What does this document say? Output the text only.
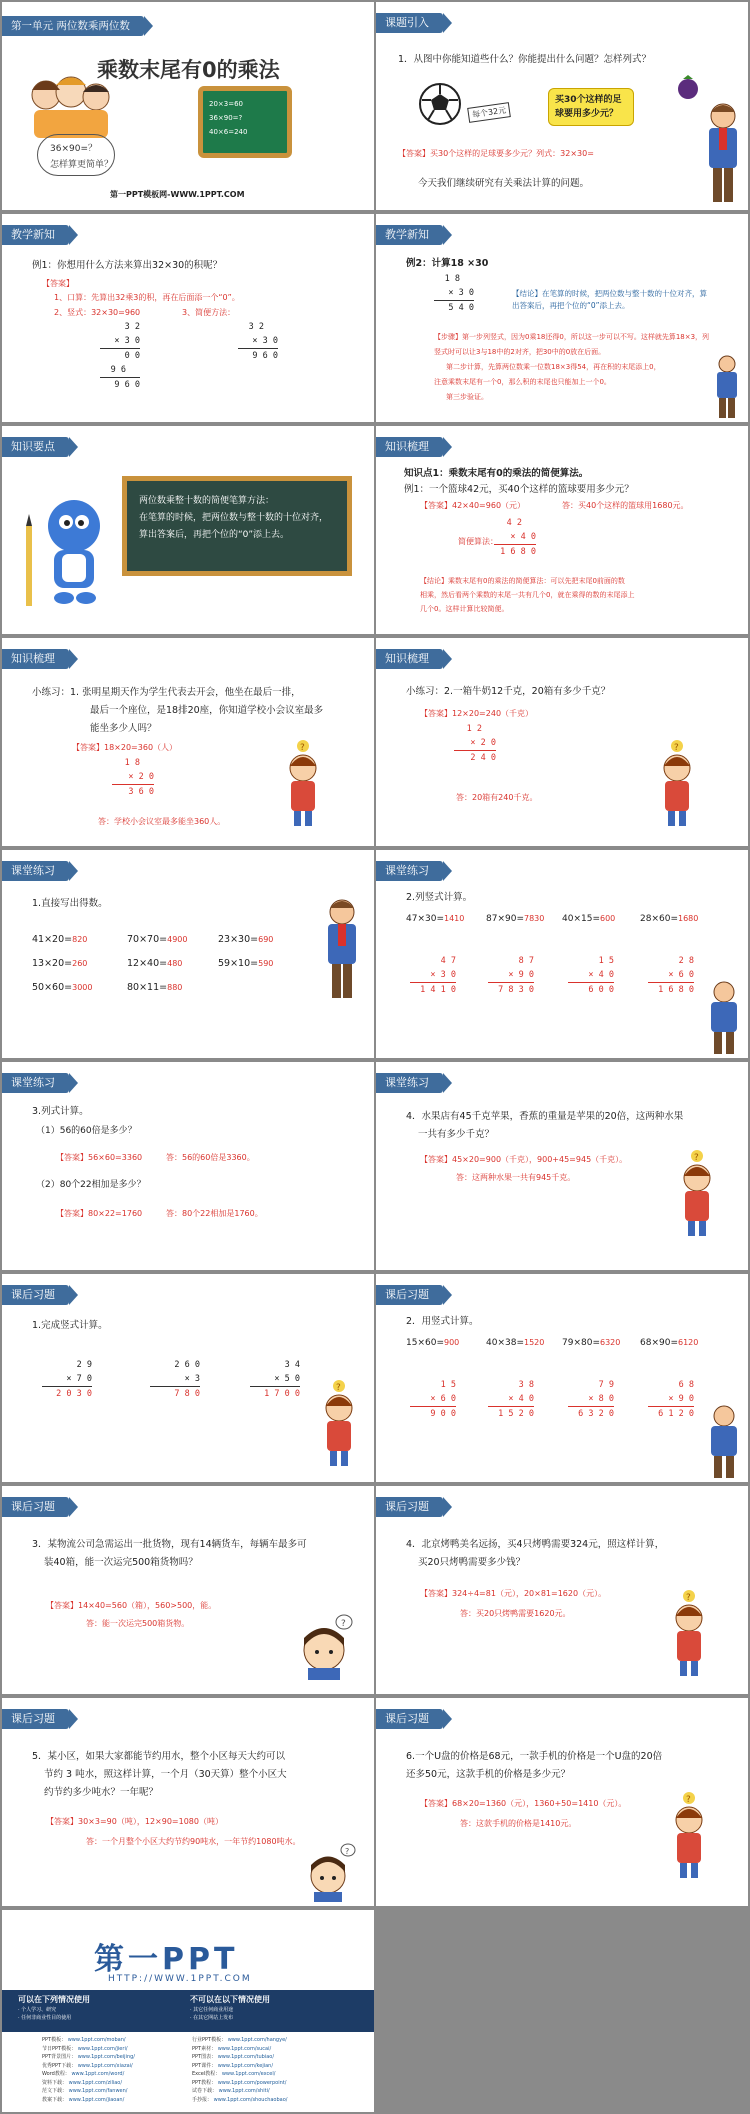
第一单元 两位数乘两位数
乘数末尾有0的乘法
36×90=？
怎样算更简单？
20×3=60
36×90=?
40×6=240
第一PPT模板网-WWW.1PPT.COM
课题引入
1．从图中你能知道些什么？你能提出什么问题？怎样列式？
每个32元
买30个这样的足球要用多少元？
【答案】买30个这样的足球要多少元？列式：32×30=
今天我们继续研究有关乘法计算的问题。
教学新知
例1：你想用什么方法来算出32×30的积呢？
【答案】
1、口算：先算出32乘3的积，再在后面添一个“0”。
2、竖式：32×30=960	3、简便方法：
3 2
× 3 0
0 0
9 6
9 6 0
3 2
× 3 0
9 6 0
教学新知
例2：计算18 ×30
1 8
× 3 0
5 4 0
【结论】在笔算的时候，把两位数与整十数的十位对齐，算出答案后，再把个位的“0”添上去。
【步骤】第一步列竖式，因为0乘18还得0，所以这一步可以不写。这样就先算18×3，列竖式时可以让3与18中的2对齐，把30中的0放在后面。
第二步计算，先算两位数乘一位数18×3得54，再在积的末尾添上0，
注意乘数末尾有一个0，那么积的末尾也只能加上一个0。
第三步验证。
知识要点
两位数乘整十数的简便笔算方法：
在笔算的时候，把两位数与整十数的十位对齐，
算出答案后，再把个位的“0”添上去。
知识梳理
知识点1：乘数末尾有0的乘法的简便算法。
例1：一个篮球42元，买40个这样的篮球要用多少元？
【答案】42×40=960（元）	答：买40个这样的篮球用1680元。
简便算法：
4 2
× 4 0
1 6 8 0
【结论】乘数末尾有0的乘法的简便算法：可以先把末尾0前面的数
相乘，然后看两个乘数的末尾一共有几个0，就在乘得的数的末尾添上
几个0。这样计算比较简便。
知识梳理
小练习：1. 张明星期天作为学生代表去开会，他坐在最后一排，
最后一个座位，是18排20座，你知道学校小会议室最多
能坐多少人吗？
【答案】18×20=360（人）
1 8
× 2 0
3 6 0
答：学校小会议室最多能坐360人。
?
知识梳理
小练习：2.一箱牛奶12千克，20箱有多少千克？
【答案】12×20=240（千克）
1 2
× 2 0
2 4 0
答：20箱有240千克。
?
课堂练习
1.直接写出得数。
41×20=820	70×70=4900	23×30=690
13×20=260	12×40=480	59×10=590
50×60=3000	80×11=880
课堂练习
2.列竖式计算。
47×30=1410 87×90=7830 40×15=600	28×60=1680
4 7
× 3 0
1 4 1 0
8 7
× 9 0
7 8 3 0
1 5
× 4 0
6 0 0
2 8
× 6 0
1 6 8 0
课堂练习
3.列式计算。
（1）56的60倍是多少？
【答案】56×60=3360	答：56的60倍是3360。
（2）80个22相加是多少？
【答案】80×22=1760	答：80个22相加是1760。
课堂练习
4．水果店有45千克苹果，香蕉的重量是苹果的20倍，这两种水果
一共有多少千克？
【答案】45×20=900（千克），900+45=945（千克）。
答：这两种水果一共有945千克。
?
课后习题
1.完成竖式计算。
2 9
× 7 0
2 0 3 0
2 6 0
× 3
7 8 0
3 4
× 5 0
1 7 0 0
?
课后习题
2．用竖式计算。
15×60=900	40×38=1520 79×80=6320 68×90=6120
1 5
× 6 0
9 0 0
3 8
× 4 0
1 5 2 0
7 9
× 8 0
6 3 2 0
6 8
× 9 0
6 1 2 0
课后习题
3．某物流公司急需运出一批货物，现有14辆货车，每辆车最多可
装40箱，能一次运完500箱货物吗？
【答案】14×40=560（箱），560>500，能。
答：能一次运完500箱货物。	?
课后习题
4．北京烤鸭美名远扬，买4只烤鸭需要324元，照这样计算，
买20只烤鸭需要多少钱？
【答案】324÷4=81（元），20×81=1620（元）。
答：买20只烤鸭需要1620元。
?
课后习题
5．某小区，如果大家都能节约用水，整个小区每天大约可以
节约 3 吨水，照这样计算，一个月（30天算）整个小区大
约节约多少吨水？一年呢？
【答案】30×3=90（吨），12×90=1080（吨）
答：一个月整个小区大约节约90吨水，一年节约1080吨水。
?
课后习题
6.一个U盘的价格是68元，一款手机的价格是一个U盘的20倍
还多50元，这款手机的价格是多少元？
【答案】68×20=1360（元），1360+50=1410（元）。
答：这款手机的价格是1410元。
?
第一PPT
HTTP://WWW.1PPT.COM
可以在下列情况使用
· 个人学习、研究
· 任何非商业性目的使用
不可以在以下情况使用
· 其它任何商业用途
· 在其它网站上发布
PPT模板： www.1ppt.com/moban/
节日PPT模板： www.1ppt.com/jieri/
PPT背景图片： www.1ppt.com/beijing/
优秀PPT下载： www.1ppt.com/xiazai/
Word教程： www.1ppt.com/word/
资料下载： www.1ppt.com/ziliao/
范文下载： www.1ppt.com/fanwen/
教案下载： www.1ppt.com/jiaoan/
行业PPT模板： www.1ppt.com/hangye/
PPT素材： www.1ppt.com/sucai/
PPT图表： www.1ppt.com/tubiao/
PPT课件： www.1ppt.com/kejian/
Excel教程： www.1ppt.com/excel/
PPT教程： www.1ppt.com/powerpoint/
试卷下载： www.1ppt.com/shiti/
手抄报： www.1ppt.com/shouchaobao/
